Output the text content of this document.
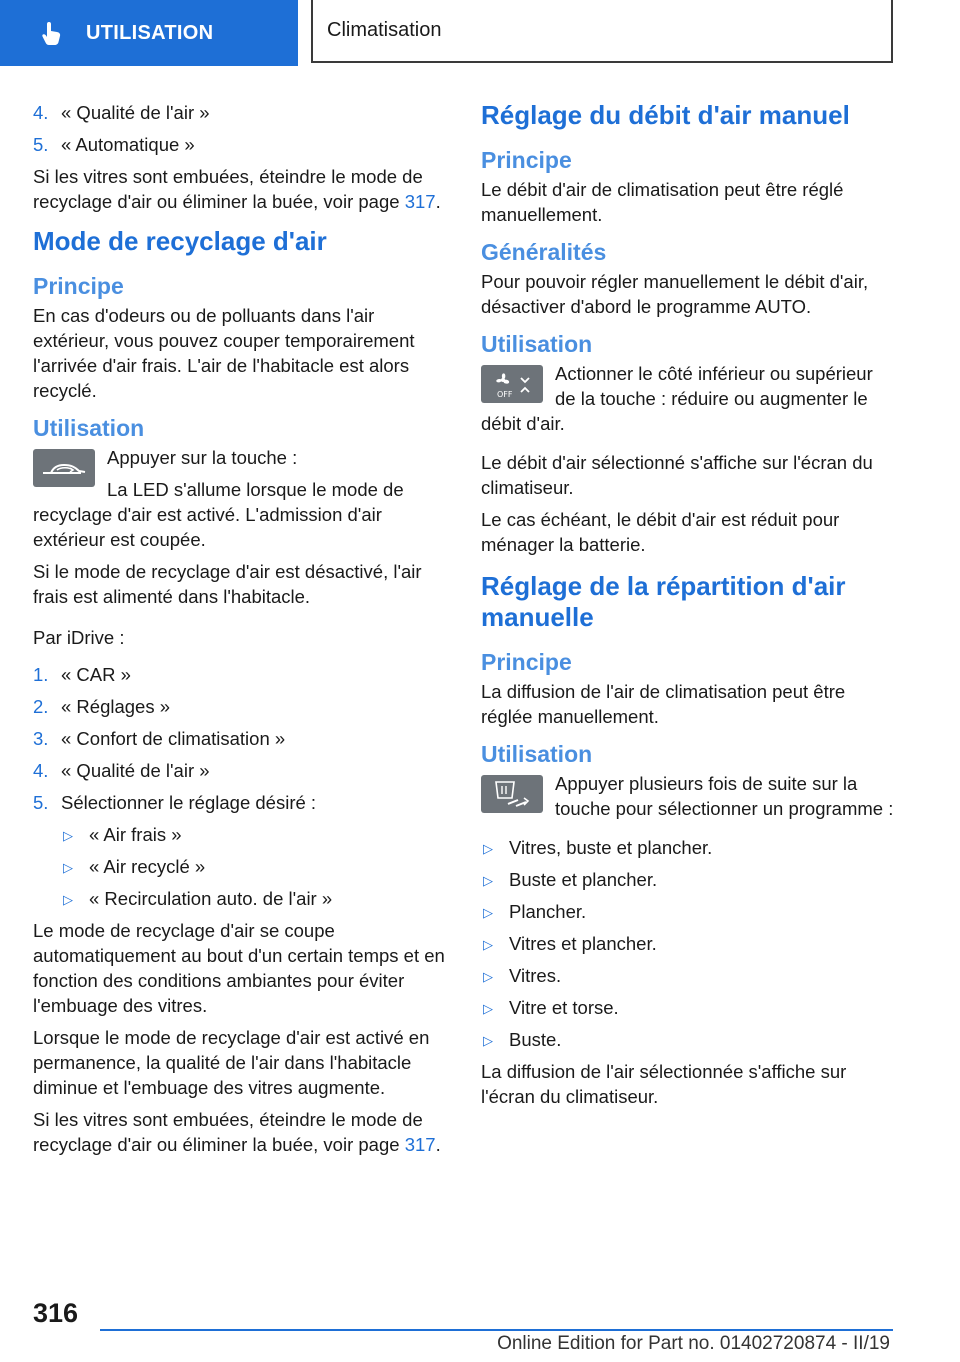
UTILISATION	Climatisation
4. « Qualité de l'air »
5. « Automatique »

Si les vitres sont embuées, éteindre le mode de recyclage d'air ou éliminer la buée, voir page 317.

Mode de recyclage d'air
Principe

En cas d'odeurs ou de polluants dans l'air extérieur, vous pouvez couper temporairement l'arrivée d'air frais. L'air de l'habitacle est alors recyclé.

Utilisation

Appuyer sur la touche :

La LED s'allume lorsque le mode de recyclage d'air est activé. L'admission d'air extérieur est coupée.

Si le mode de recyclage d'air est désactivé, l'air frais est alimenté dans l'habitacle.

Par iDrive :

1. « CAR »
2. « Réglages »
3. « Confort de climatisation »
4. « Qualité de l'air »
5. Sélectionner le réglage désiré :
▷ « Air frais »
▷ « Air recyclé »
▷ « Recirculation auto. de l'air »

Le mode de recyclage d'air se coupe automatiquement au bout d'un certain temps et en fonction des conditions ambiantes pour éviter l'embuage des vitres.

Lorsque le mode de recyclage d'air est activé en permanence, la qualité de l'air dans l'habitacle diminue et l'embuage des vitres augmente.

Si les vitres sont embuées, éteindre le mode de recyclage d'air ou éliminer la buée, voir page 317.

Réglage du débit d'air manuel
Principe

Le débit d'air de climatisation peut être réglé manuellement.

Généralités

Pour pouvoir régler manuellement le débit d'air, désactiver d'abord le programme AUTO.

Utilisation
OFF

Actionner le côté inférieur ou supérieur de la touche : réduire ou augmenter le débit d'air.

Le débit d'air sélectionné s'affiche sur l'écran du climatiseur.

Le cas échéant, le débit d'air est réduit pour ménager la batterie.

Réglage de la répartition d'air manuelle
Principe

La diffusion de l'air de climatisation peut être réglée manuellement.

Utilisation

Appuyer plusieurs fois de suite sur la touche pour sélectionner un programme :

▷ Vitres, buste et plancher.
▷ Buste et plancher.
▷ Plancher.
▷ Vitres et plancher.
▷ Vitres.
▷ Vitre et torse.
▷ Buste.

La diffusion de l'air sélectionnée s'affiche sur l'écran du climatiseur.

316
Online Edition for Part no. 01402720874 - II/19
